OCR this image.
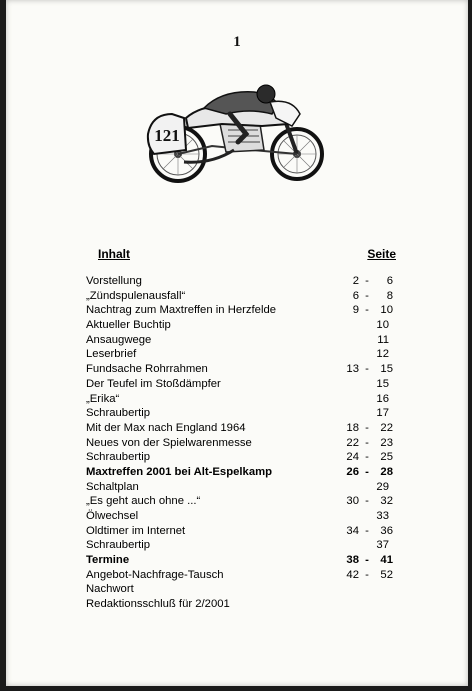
1
121
Inhalt	Seite
Vorstellung	2 -	6
„Zündspulenausfall“	6 -	8
Nachtrag zum Maxtreffen in Herzfelde	9 -	10
Aktueller Buchtip	10
Ansaugwege	11
Leserbrief	12
Fundsache Rohrrahmen	13 -	15
Der Teufel im Stoßdämpfer	15
„Erika“	16
Schraubertip	17
Mit der Max nach England 1964	18 -	22
Neues von der Spielwarenmesse	22 -	23
Schraubertip	24 -	25
Maxtreffen 2001 bei Alt-Espelkamp	26 -	28
Schaltplan	29
„Es geht auch ohne ...“	30 -	32
Ölwechsel	33
Oldtimer im Internet	34 -	36
Schraubertip	37
Termine	38 -	41
Angebot-Nachfrage-Tausch	42 -	52
Nachwort
Redaktionsschluß für 2/2001
